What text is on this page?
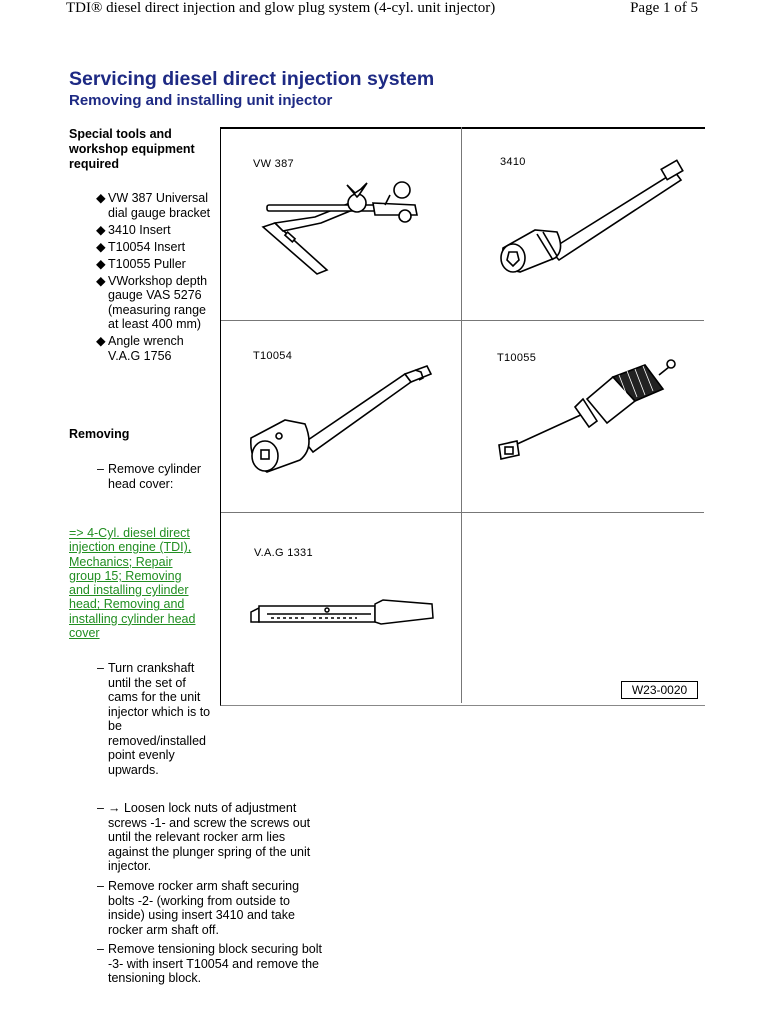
TDI® diesel direct injection and glow plug system (4-cyl. unit injector)	Page 1 of 5
Servicing diesel direct injection system
Removing and installing unit injector
Special tools and workshop equipment required
◆ VW 387 Universal dial gauge bracket
◆ 3410 Insert
◆ T10054 Insert
◆ T10055 Puller
◆ VWorkshop depth gauge VAS 5276 (measuring range at least 400 mm)
◆ Angle wrench V.A.G 1756
Removing
– Remove cylinder head cover:
=> 4-Cyl. diesel direct injection engine (TDI), Mechanics; Repair group 15; Removing and installing cylinder head; Removing and installing cylinder head cover
– Turn crankshaft until the set of cams for the unit injector which is to be removed/installed point evenly upwards.
– → Loosen lock nuts of adjustment screws -1- and screw the screws out until the relevant rocker arm lies against the plunger spring of the unit injector.
– Remove rocker arm shaft securing bolts -2- (working from outside to inside) using insert 3410 and take rocker arm shaft off.
– Remove tensioning block securing bolt -3- with insert T10054 and remove the tensioning block.
VW 387	3410
T10054	T10055
V.A.G 1331
W23-0020
